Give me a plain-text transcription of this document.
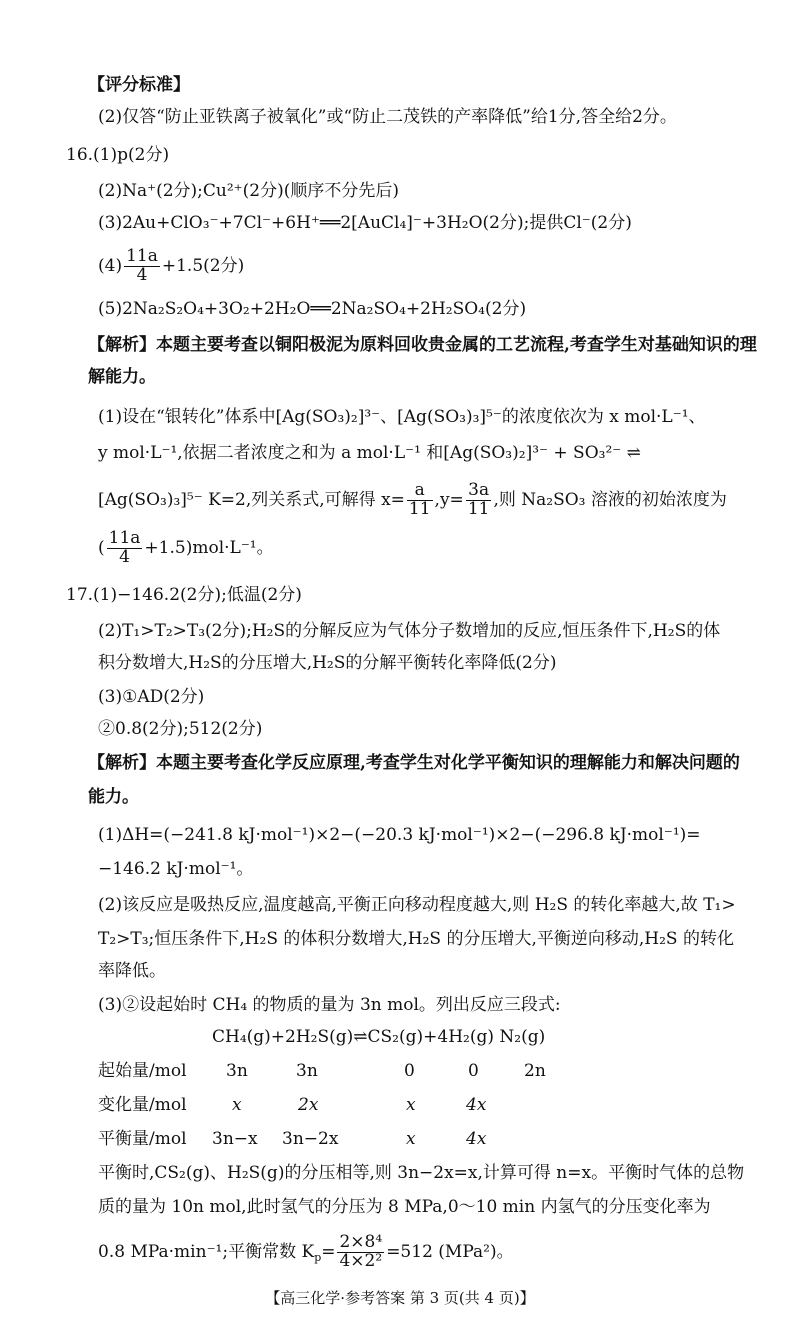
【评分标准】
(2)仅答“防止亚铁离子被氧化”或“防止二茂铁的产率降低”给1分,答全给2分。
16.(1)p(2分)
(2)Na⁺(2分);Cu²⁺(2分)(顺序不分先后)
(3)2Au+ClO₃⁻+7Cl⁻+6H⁺══2[AuCl₄]⁻+3H₂O(2分);提供Cl⁻(2分)
$(4) \frac{11a}{4} +1.5(2$分)
(5)2Na₂S₂O₄+3O₂+2H₂O══2Na₂SO₄+2H₂SO₄(2分)
【解析】本题主要考查以铜阳极泥为原料回收贵金属的工艺流程,考查学生对基础知识的理
解能力。
(1)设在“银转化”体系中[Ag(SO₃)₂]³⁻、[Ag(SO₃)₃]⁵⁻的浓度依次为 x mol·L⁻¹、
y mol·L⁻¹,依据二者浓度之和为 a mol·L⁻¹ 和[Ag(SO₃)₂]³⁻ + SO₃²⁻ ⇌
[Ag(SO₃)₃]⁵⁻ K=2,列关系式,可解得 $x= \frac{a}{11} ,y= \frac{3a}{11}$ ,则 Na₂SO₃ 溶液的初始浓度为
( $\frac{11a}{4} +1.5)mol\cdot L^{-1}$。
17.(1)−146.2(2分);低温(2分)
(2)T₁>T₂>T₃(2分);H₂S的分解反应为气体分子数增加的反应,恒压条件下,H₂S的体
积分数增大,H₂S的分压增大,H₂S的分解平衡转化率降低(2分)
(3)①AD(2分)
②0.8(2分);512(2分)
【解析】本题主要考查化学反应原理,考查学生对化学平衡知识的理解能力和解决问题的
能力。
(1)ΔH=(−241.8 kJ·mol⁻¹)×2−(−20.3 kJ·mol⁻¹)×2−(−296.8 kJ·mol⁻¹)=
−146.2 kJ·mol⁻¹。
(2)该反应是吸热反应,温度越高,平衡正向移动程度越大,则 H₂S 的转化率越大,故 T₁>
T₂>T₃;恒压条件下,H₂S 的体积分数增大,H₂S 的分压增大,平衡逆向移动,H₂S 的转化
率降低。
(3)②设起始时 CH₄ 的物质的量为 3n mol。列出反应三段式:
CH₄(g)+2H₂S(g)⇌CS₂(g)+4H₂(g) N₂(g)
起始量/mol 3n	3n	0	0	2n
变化量/mol	x	2x	x	4x
平衡量/mol 3n−x 3n−2x	x	4x
平衡时,CS₂(g)、H₂S(g)的分压相等,则 3n−2x=x,计算可得 n=x。平衡时气体的总物
质的量为 10n mol,此时氢气的分压为 8 MPa,0～10 min 内氢气的分压变化率为
0.8 MPa·min⁻¹;平衡常数 $K_p= \frac{\text{2×8⁴}}{\text{4×2²}} =512$ (MPa²)。
【高三化学·参考答案 第 3 页(共 4 页)】
